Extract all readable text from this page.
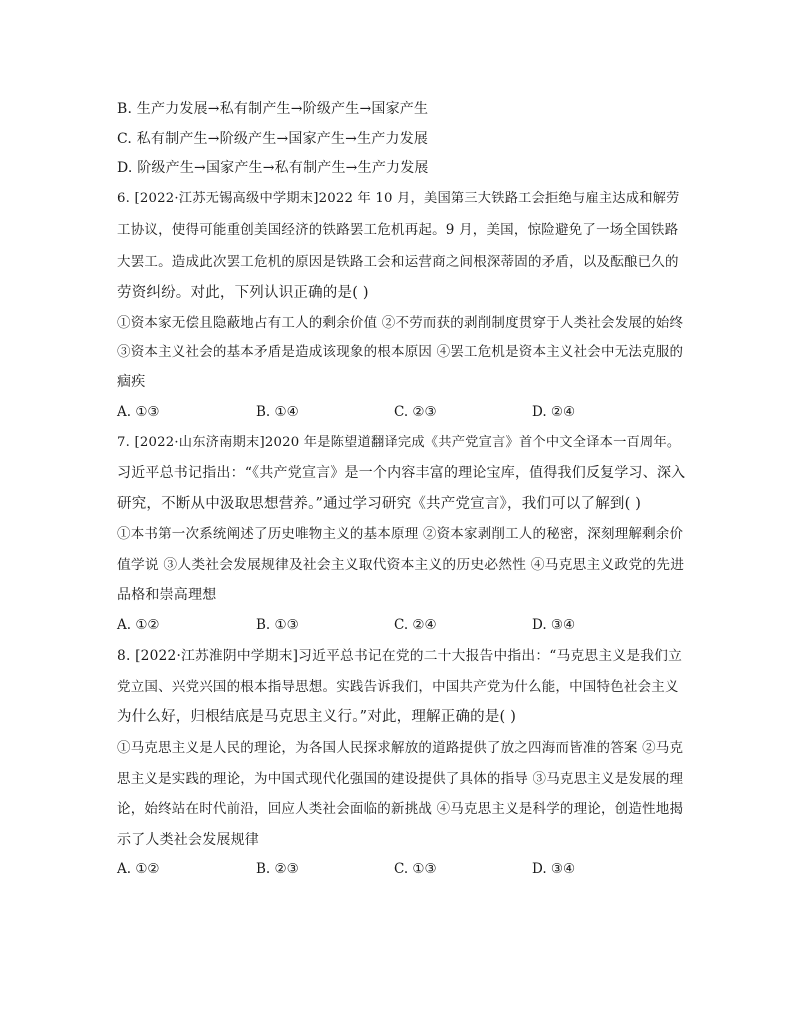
B. 生产力发展→私有制产生→阶级产生→国家产生
C. 私有制产生→阶级产生→国家产生→生产力发展
D. 阶级产生→国家产生→私有制产生→生产力发展
6. [2022·江苏无锡高级中学期末]2022 年 10 月，美国第三大铁路工会拒绝与雇主达成和解劳
工协议，使得可能重创美国经济的铁路罢工危机再起。9 月，美国，惊险避免了一场全国铁路
大罢工。造成此次罢工危机的原因是铁路工会和运营商之间根深蒂固的矛盾，以及酝酿已久的
劳资纠纷。对此，下列认识正确的是( )
①资本家无偿且隐蔽地占有工人的剩余价值 ②不劳而获的剥削制度贯穿于人类社会发展的始终
③资本主义社会的基本矛盾是造成该现象的根本原因 ④罢工危机是资本主义社会中无法克服的
痼疾
A. ①③	B. ①④	C. ②③	D. ②④
7. [2022·山东济南期末]2020 年是陈望道翻译完成《共产党宣言》首个中文全译本一百周年。
习近平总书记指出：“《共产党宣言》是一个内容丰富的理论宝库，值得我们反复学习、深入
研究，不断从中汲取思想营养。”通过学习研究《共产党宣言》，我们可以了解到( )
①本书第一次系统阐述了历史唯物主义的基本原理 ②资本家剥削工人的秘密，深刻理解剩余价
值学说 ③人类社会发展规律及社会主义取代资本主义的历史必然性 ④马克思主义政党的先进
品格和崇高理想
A. ①②	B. ①③	C. ②④	D. ③④
8. [2022·江苏淮阴中学期末]习近平总书记在党的二十大报告中指出：“马克思主义是我们立
党立国、兴党兴国的根本指导思想。实践告诉我们，中国共产党为什么能，中国特色社会主义
为什么好，归根结底是马克思主义行。”对此，理解正确的是( )
①马克思主义是人民的理论，为各国人民探求解放的道路提供了放之四海而皆准的答案 ②马克
思主义是实践的理论，为中国式现代化强国的建设提供了具体的指导 ③马克思主义是发展的理
论，始终站在时代前沿，回应人类社会面临的新挑战 ④马克思主义是科学的理论，创造性地揭
示了人类社会发展规律
A. ①②	B. ②③	C. ①③	D. ③④
